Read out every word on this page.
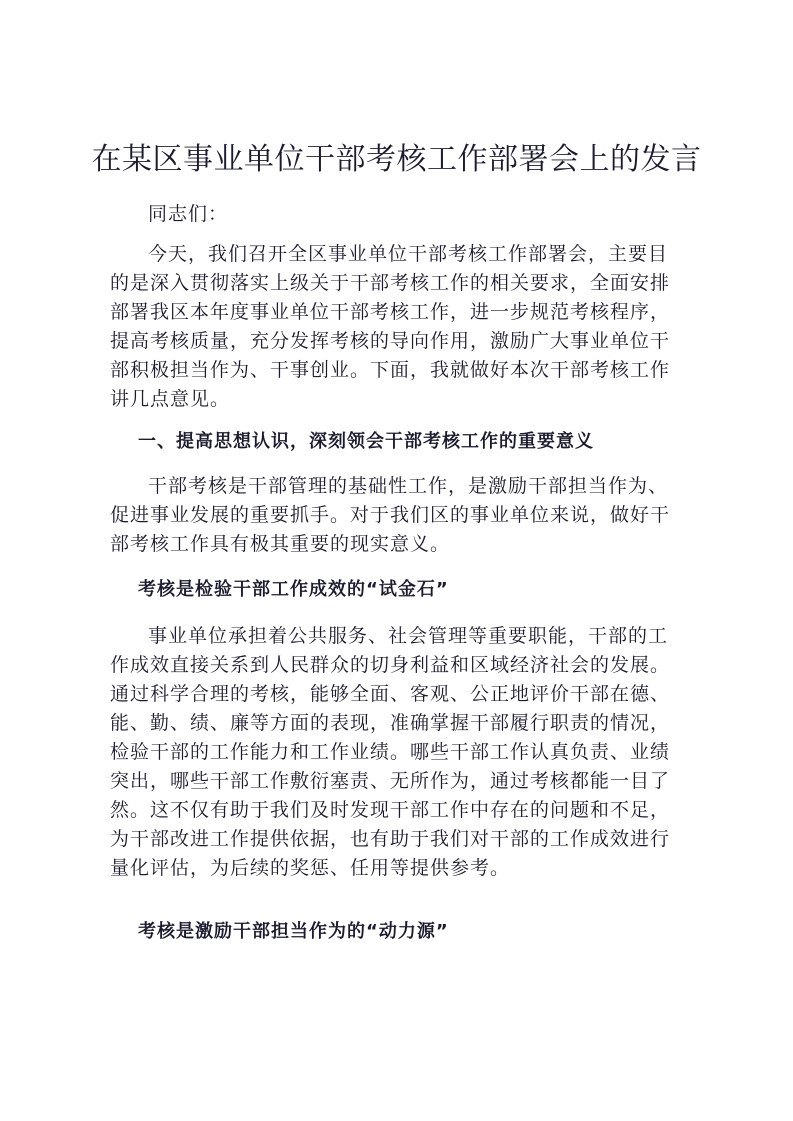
在某区事业单位干部考核工作部署会上的发言

同志们：

今天，我们召开全区事业单位干部考核工作部署会，主要目的是深入贯彻落实上级关于干部考核工作的相关要求，全面安排部署我区本年度事业单位干部考核工作，进一步规范考核程序，提高考核质量，充分发挥考核的导向作用，激励广大事业单位干部积极担当作为、干事创业。下面，我就做好本次干部考核工作讲几点意见。

一、提高思想认识，深刻领会干部考核工作的重要意义

干部考核是干部管理的基础性工作，是激励干部担当作为、促进事业发展的重要抓手。对于我们区的事业单位来说，做好干部考核工作具有极其重要的现实意义。

考核是检验干部工作成效的“试金石”

事业单位承担着公共服务、社会管理等重要职能，干部的工作成效直接关系到人民群众的切身利益和区域经济社会的发展。通过科学合理的考核，能够全面、客观、公正地评价干部在德、能、勤、绩、廉等方面的表现，准确掌握干部履行职责的情况，检验干部的工作能力和工作业绩。哪些干部工作认真负责、业绩突出，哪些干部工作敷衍塞责、无所作为，通过考核都能一目了然。这不仅有助于我们及时发现干部工作中存在的问题和不足，为干部改进工作提供依据，也有助于我们对干部的工作成效进行量化评估，为后续的奖惩、任用等提供参考。

考核是激励干部担当作为的“动力源”
